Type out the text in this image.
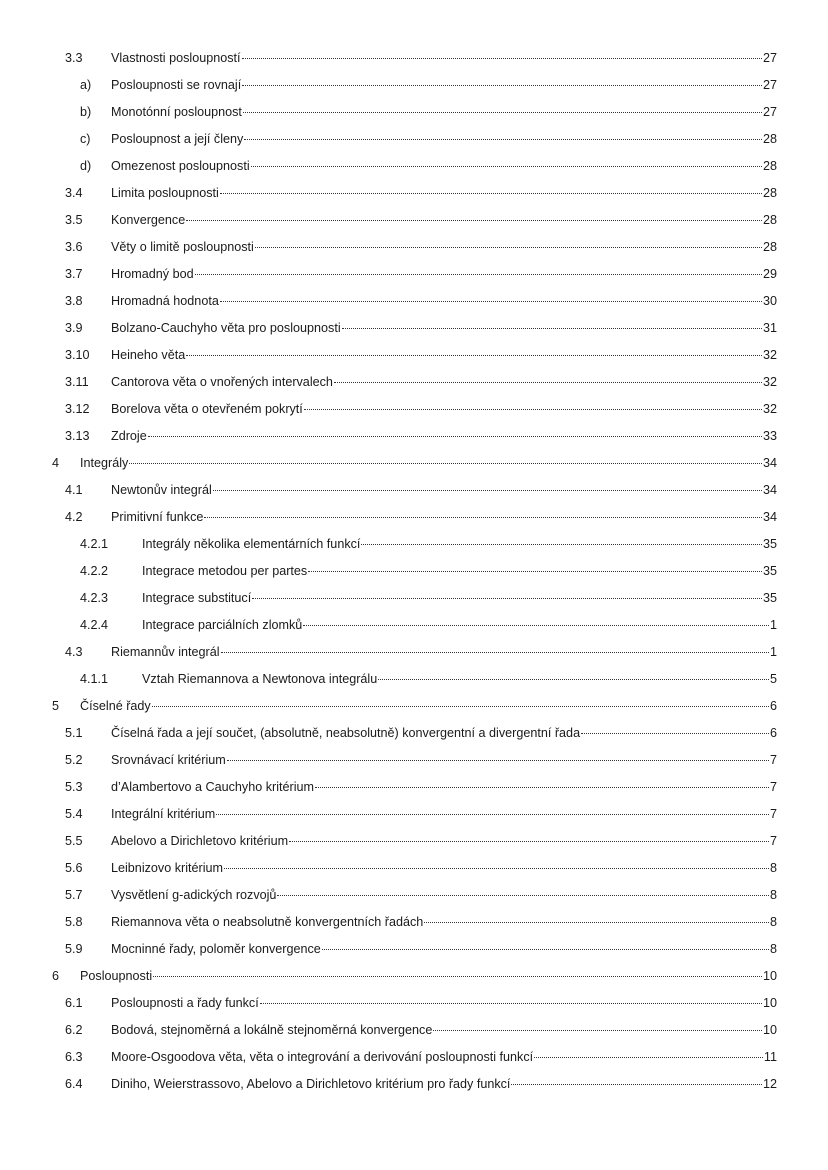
3.3 Vlastnosti posloupností	27
a) Posloupnosti se rovnají	27
b) Monotónní posloupnost	27
c) Posloupnost a její členy	28
d) Omezenost posloupnosti	28
3.4 Limita posloupnosti	28
3.5 Konvergence	28
3.6 Věty o limitě posloupnosti	28
3.7 Hromadný bod	29
3.8 Hromadná hodnota	30
3.9 Bolzano-Cauchyho věta pro posloupnosti	31
3.10 Heineho věta	32
3.11 Cantorova věta o vnořených intervalech	32
3.12 Borelova věta o otevřeném pokrytí	32
3.13 Zdroje	33
4 Integrály	34
4.1 Newtonův integrál	34
4.2 Primitivní funkce	34
4.2.1	Integrály několika elementárních funkcí	35
4.2.2	Integrace metodou per partes	35
4.2.3	Integrace substitucí	35
4.2.4	Integrace parciálních zlomků	1
4.3 Riemannův integrál	1
4.1.1	Vztah Riemannova a Newtonova integrálu	5
5 Číselné řady	6
5.1 Číselná řada a její součet, (absolutně, neabsolutně) konvergentní a divergentní řada	6
5.2 Srovnávací kritérium	7
5.3 d’Alambertovo a Cauchyho kritérium	7
5.4 Integrální kritérium	7
5.5 Abelovo a Dirichletovo kritérium	7
5.6 Leibnizovo kritérium	8
5.7 Vysvětlení g-adických rozvojů	8
5.8 Riemannova věta o neabsolutně konvergentních řadách	8
5.9 Mocninné řady, poloměr konvergence	8
6 Posloupnosti	10
6.1 Posloupnosti a řady funkcí	10
6.2 Bodová, stejnoměrná a lokálně stejnoměrná konvergence	10
6.3 Moore-Osgoodova věta, věta o integrování a derivování posloupnosti funkcí	11
6.4 Diniho, Weierstrassovo, Abelovo a Dirichletovo kritérium pro řady funkcí	12
